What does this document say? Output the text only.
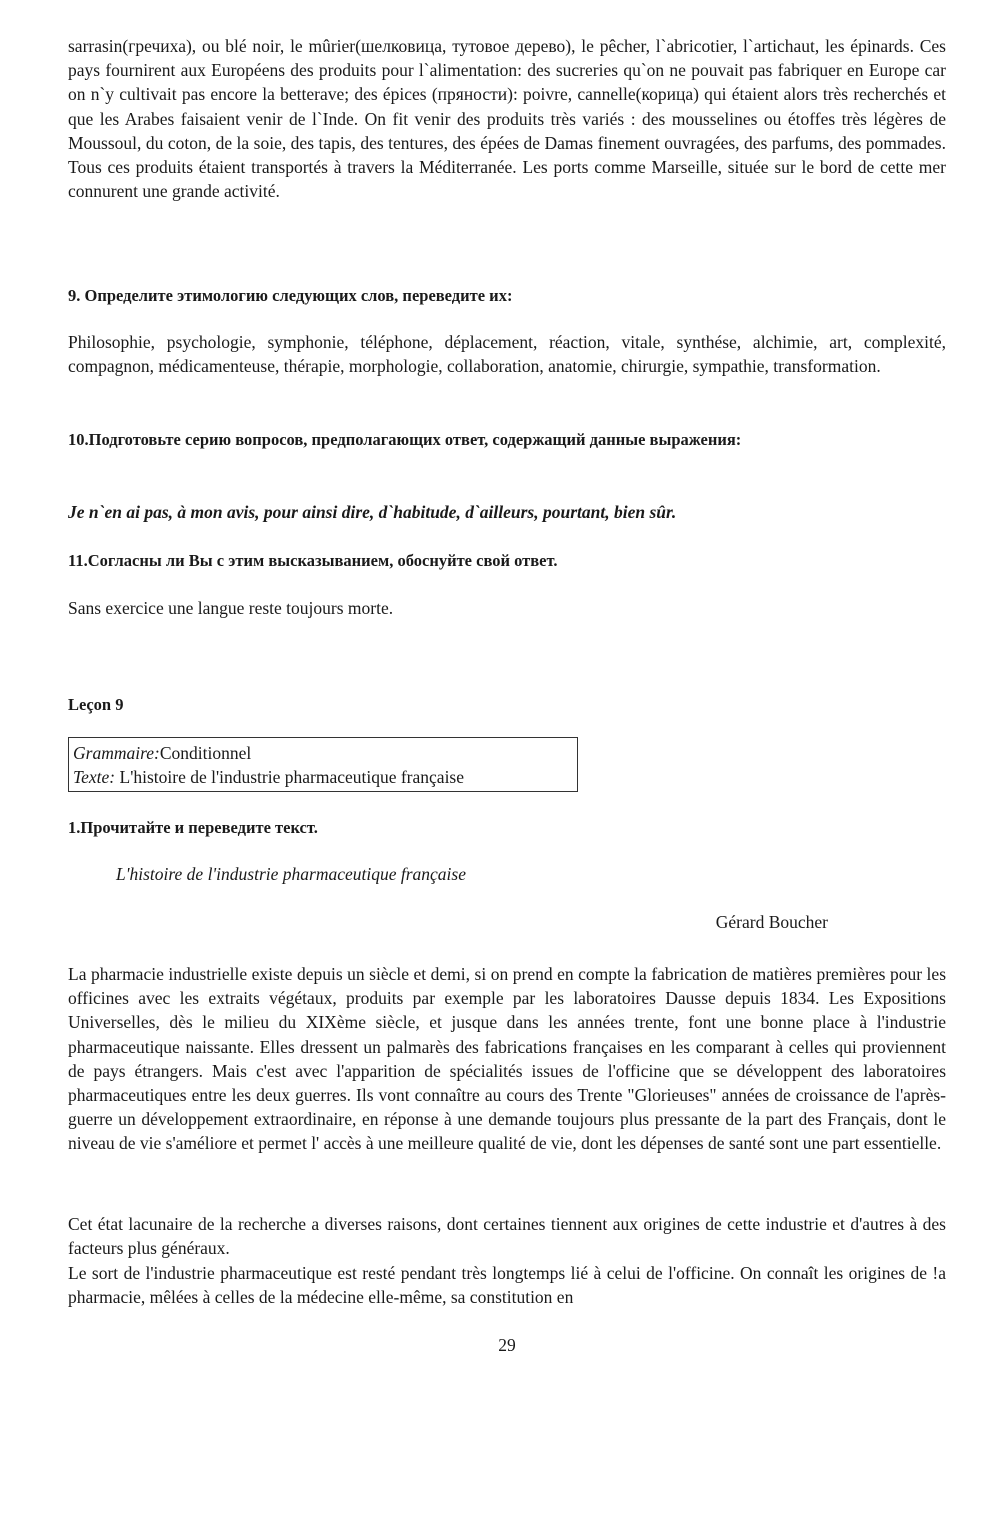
sarrasin(гречиха), ou blé noir, le mûrier(шелковица, тутовое дерево), le pêcher, l`abricotier, l`artichaut, les épinards. Ces pays fournirent aux Européens des produits pour l`alimentation: des sucreries qu`on ne pouvait pas fabriquer en Europe car on n`y cultivait pas encore la betterave; des épices (пряности): poivre, cannelle(корица) qui étaient alors très recherchés et que les Arabes faisaient venir de l`Inde. On fit venir des produits très variés : des mousselines ou étoffes très légères de Moussoul, du coton, de la soie, des tapis, des tentures, des épées de Damas finement ouvragées, des parfums, des pommades. Tous ces produits étaient transportés à travers la Méditerranée. Les ports comme Marseille, située sur le bord de cette mer connurent une grande activité.

9. Определите этимологию следующих слов, переведите их:

Philosophie, psychologie, symphonie, téléphone, déplacement, réaction, vitale, synthése, alchimie, art, complexité, compagnon, médicamenteuse, thérapie, morphologie, collaboration, anatomie, chirurgie, sympathie, transformation.

10.Подготовьте серию вопросов, предполагающих ответ, содержащий данные выражения:

Je n`en ai pas, à mon avis, pour ainsi dire, d`habitude, d`ailleurs, pourtant, bien sûr.

11.Согласны ли Вы с этим высказыванием, обоснуйте свой ответ.

Sans exercice une langue reste toujours morte.

Leçon 9

Grammaire:Conditionnel
Texte: L'histoire de l'industrie pharmaceutique française

1.Прочитайте и переведите текст.

L'histoire de l'industrie pharmaceutique française

Gérard Boucher

La pharmacie industrielle existe depuis un siècle et demi, si on prend en compte la fabrication de matières premières pour les officines avec les extraits végétaux, produits par exemple par les laboratoires Dausse depuis 1834. Les Expositions Universelles, dès le milieu du XIXème siècle, et jusque dans les années trente, font une bonne place à l'industrie pharmaceutique naissante. Elles dressent un palmarès des fabrications françaises en les comparant à celles qui proviennent de pays étrangers. Mais c'est avec l'apparition de spécialités issues de l'officine que se développent des laboratoires pharmaceutiques entre les deux guerres. Ils vont connaître au cours des Trente "Glorieuses" années de croissance de l'après-guerre un développement extraordinaire, en réponse à une demande toujours plus pressante de la part des Français, dont le niveau de vie s'améliore et permet l' accès à une meilleure qualité de vie, dont les dépenses de santé sont une part essentielle.

Cet état lacunaire de la recherche a diverses raisons, dont certaines tiennent aux origines de cette industrie et d'autres à des facteurs plus généraux.

Le sort de l'industrie pharmaceutique est resté pendant très longtemps lié à celui de l'officine. On connaît les origines de !a pharmacie, mêlées à celles de la médecine elle-même, sa constitution en

29
